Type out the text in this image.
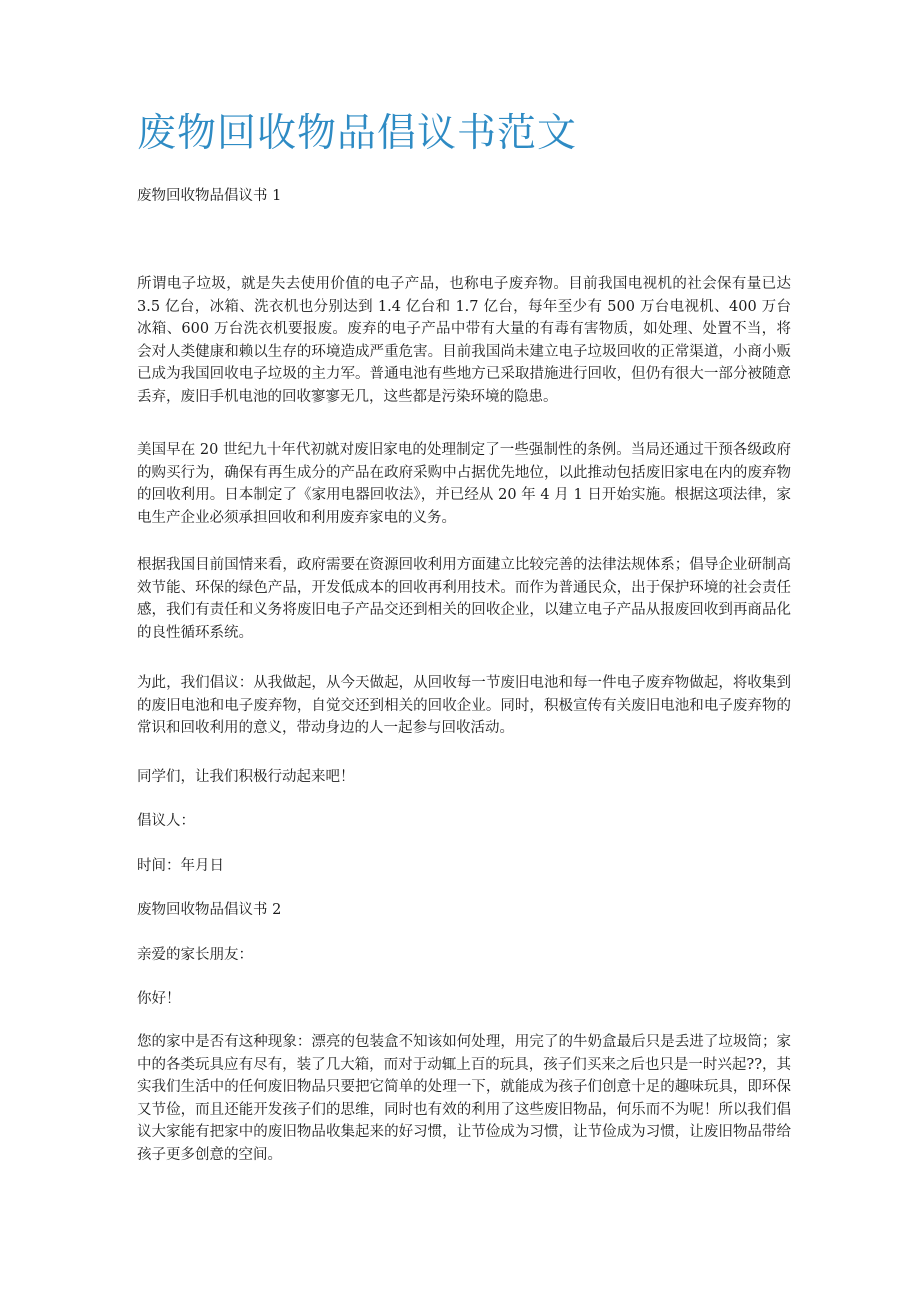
废物回收物品倡议书范文

废物回收物品倡议书 1

所谓电子垃圾，就是失去使用价值的电子产品，也称电子废弃物。目前我国电视机的社会保有量已达 3.5 亿台，冰箱、洗衣机也分别达到 1.4 亿台和 1.7 亿台，每年至少有 500 万台电视机、400 万台冰箱、600 万台洗衣机要报废。废弃的电子产品中带有大量的有毒有害物质，如处理、处置不当，将会对人类健康和赖以生存的环境造成严重危害。目前我国尚未建立电子垃圾回收的正常渠道，小商小贩已成为我国回收电子垃圾的主力军。普通电池有些地方已采取措施进行回收，但仍有很大一部分被随意丢弃，废旧手机电池的回收寥寥无几，这些都是污染环境的隐患。

美国早在 20 世纪九十年代初就对废旧家电的处理制定了一些强制性的条例。当局还通过干预各级政府的购买行为，确保有再生成分的产品在政府采购中占据优先地位，以此推动包括废旧家电在内的废弃物的回收利用。日本制定了《家用电器回收法》，并已经从 20 年 4 月 1 日开始实施。根据这项法律，家电生产企业必须承担回收和利用废弃家电的义务。

根据我国目前国情来看，政府需要在资源回收利用方面建立比较完善的法律法规体系；倡导企业研制高效节能、环保的绿色产品，开发低成本的回收再利用技术。而作为普通民众，出于保护环境的社会责任感，我们有责任和义务将废旧电子产品交还到相关的回收企业，以建立电子产品从报废回收到再商品化的良性循环系统。

为此，我们倡议：从我做起，从今天做起，从回收每一节废旧电池和每一件电子废弃物做起，将收集到的废旧电池和电子废弃物，自觉交还到相关的回收企业。同时，积极宣传有关废旧电池和电子废弃物的常识和回收利用的意义，带动身边的人一起参与回收活动。

同学们，让我们积极行动起来吧！

倡议人：

时间：年月日

废物回收物品倡议书 2

亲爱的家长朋友：

你好！

您的家中是否有这种现象：漂亮的包装盒不知该如何处理，用完了的牛奶盒最后只是丢进了垃圾筒；家中的各类玩具应有尽有，装了几大箱，而对于动辄上百的玩具，孩子们买来之后也只是一时兴起??，其实我们生活中的任何废旧物品只要把它简单的处理一下，就能成为孩子们创意十足的趣味玩具，即环保又节俭，而且还能开发孩子们的思维，同时也有效的利用了这些废旧物品，何乐而不为呢！所以我们倡议大家能有把家中的废旧物品收集起来的好习惯，让节俭成为习惯，让节俭成为习惯，让废旧物品带给孩子更多创意的空间。
